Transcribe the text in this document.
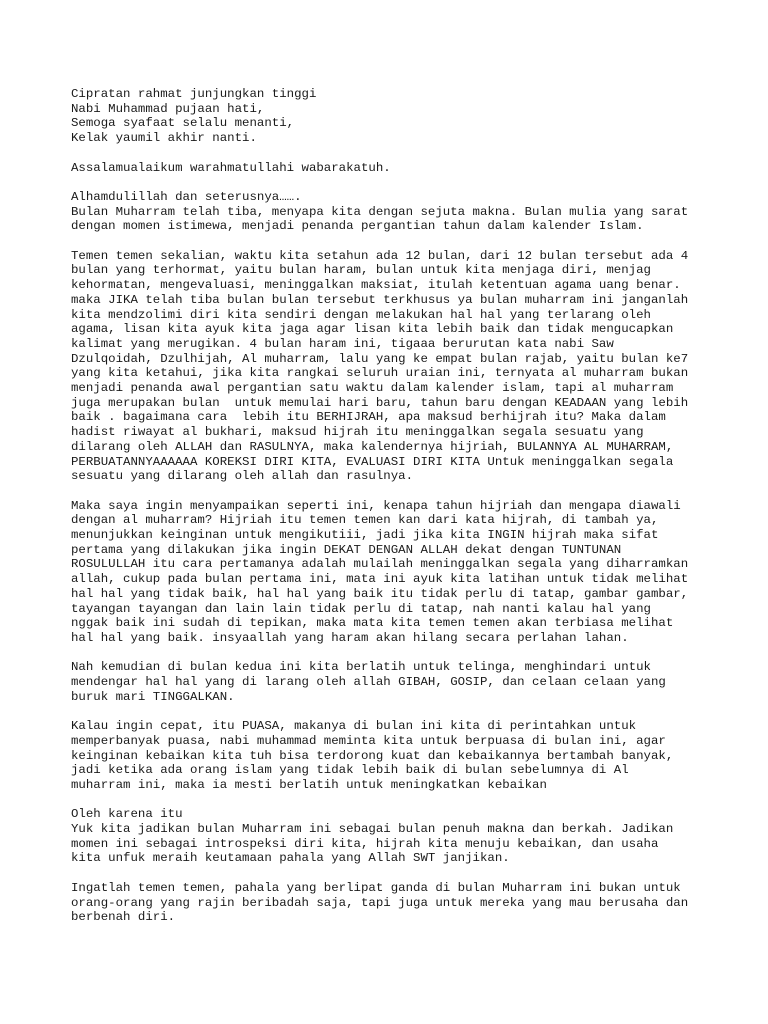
Cipratan rahmat junjungkan tinggi
Nabi Muhammad pujaan hati,
Semoga syafaat selalu menanti,
Kelak yaumil akhir nanti.
Assalamualaikum warahmatullahi wabarakatuh.
Alhamdulillah dan seterusnya…….
Bulan Muharram telah tiba, menyapa kita dengan sejuta makna. Bulan mulia yang sarat
dengan momen istimewa, menjadi penanda pergantian tahun dalam kalender Islam.
Temen temen sekalian, waktu kita setahun ada 12 bulan, dari 12 bulan tersebut ada 4
bulan yang terhormat, yaitu bulan haram, bulan untuk kita menjaga diri, menjag
kehormatan, mengevaluasi, meninggalkan maksiat, itulah ketentuan agama uang benar.
maka JIKA telah tiba bulan bulan tersebut terkhusus ya bulan muharram ini janganlah
kita mendzolimi diri kita sendiri dengan melakukan hal hal yang terlarang oleh
agama, lisan kita ayuk kita jaga agar lisan kita lebih baik dan tidak mengucapkan
kalimat yang merugikan. 4 bulan haram ini, tigaaa berurutan kata nabi Saw
Dzulqoidah, Dzulhijah, Al muharram, lalu yang ke empat bulan rajab, yaitu bulan ke7
yang kita ketahui, jika kita rangkai seluruh uraian ini, ternyata al muharram bukan
menjadi penanda awal pergantian satu waktu dalam kalender islam, tapi al muharram
juga merupakan bulan  untuk memulai hari baru, tahun baru dengan KEADAAN yang lebih
baik . bagaimana cara  lebih itu BERHIJRAH, apa maksud berhijrah itu? Maka dalam
hadist riwayat al bukhari, maksud hijrah itu meninggalkan segala sesuatu yang
dilarang oleh ALLAH dan RASULNYA, maka kalendernya hijriah, BULANNYA AL MUHARRAM,
PERBUATANNYAAAAAA KOREKSI DIRI KITA, EVALUASI DIRI KITA Untuk meninggalkan segala
sesuatu yang dilarang oleh allah dan rasulnya.
Maka saya ingin menyampaikan seperti ini, kenapa tahun hijriah dan mengapa diawali
dengan al muharram? Hijriah itu temen temen kan dari kata hijrah, di tambah ya,
menunjukkan keinginan untuk mengikutiii, jadi jika kita INGIN hijrah maka sifat
pertama yang dilakukan jika ingin DEKAT DENGAN ALLAH dekat dengan TUNTUNAN
ROSULULLAH itu cara pertamanya adalah mulailah meninggalkan segala yang diharramkan
allah, cukup pada bulan pertama ini, mata ini ayuk kita latihan untuk tidak melihat
hal hal yang tidak baik, hal hal yang baik itu tidak perlu di tatap, gambar gambar,
tayangan tayangan dan lain lain tidak perlu di tatap, nah nanti kalau hal yang
nggak baik ini sudah di tepikan, maka mata kita temen temen akan terbiasa melihat
hal hal yang baik. insyaallah yang haram akan hilang secara perlahan lahan.
Nah kemudian di bulan kedua ini kita berlatih untuk telinga, menghindari untuk
mendengar hal hal yang di larang oleh allah GIBAH, GOSIP, dan celaan celaan yang
buruk mari TINGGALKAN.
Kalau ingin cepat, itu PUASA, makanya di bulan ini kita di perintahkan untuk
memperbanyak puasa, nabi muhammad meminta kita untuk berpuasa di bulan ini, agar
keinginan kebaikan kita tuh bisa terdorong kuat dan kebaikannya bertambah banyak,
jadi ketika ada orang islam yang tidak lebih baik di bulan sebelumnya di Al
muharram ini, maka ia mesti berlatih untuk meningkatkan kebaikan
Oleh karena itu
Yuk kita jadikan bulan Muharram ini sebagai bulan penuh makna dan berkah. Jadikan
momen ini sebagai introspeksi diri kita, hijrah kita menuju kebaikan, dan usaha
kita unfuk meraih keutamaan pahala yang Allah SWT janjikan.
Ingatlah temen temen, pahala yang berlipat ganda di bulan Muharram ini bukan untuk
orang-orang yang rajin beribadah saja, tapi juga untuk mereka yang mau berusaha dan
berbenah diri.
